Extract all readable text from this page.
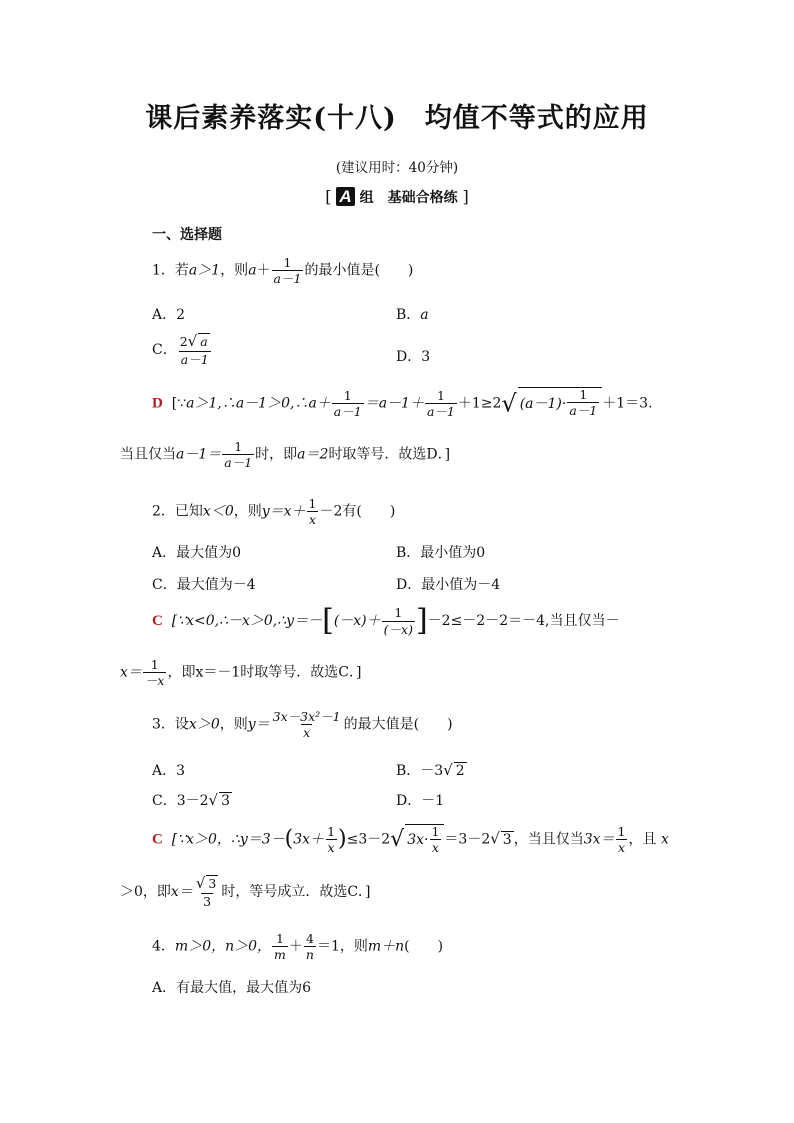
课后素养落实(十八) 均值不等式的应用
(建议用时：40分钟)
[ A 组　基础合格练 ]
一、选择题
1．若a＞1，则$a+ \frac{1}{a-1}$ 的最小值是(　　)
A．2	B．a
C． $\frac{2√ a}{a-1}$	D．3
D [∵a＞1,∴a－1＞0,∴a＋ $\frac{1}{a-1} =a-1+ \frac{1}{a-1} +1\ge 2√$ $(a-1)\cdot \frac{1}{a-1} +1=3$.
当且仅当$a-1= \frac{1}{a-1}$ 时，即a＝2时取等号．故选D．]
2．已知x＜0，则$y=x+ \frac{1}{x} -2$有(　　)
A．最大值为0	B．最小值为0
C．最大值为－4	D．最小值为－4
C [∵x<0,∴－x＞0,∴y＝－[(－x)＋ $\frac{1}{(-x)} ]-2\le-2-2=-4$,当且仅当－
$x= \frac{1}{-x}$ ，即x＝－1时取等号．故选C．]
3．设x＞0，则$y= \frac{\text{3x－3x²－1}}{x}$ 的最大值是(　　)
A．3	B．－3√ 2
C．3－2√ 3	D．－1
C [∵x＞0，∴y＝3－(3x＋ $\frac{1}{x} )\le 3-2√$ $3x\cdot \frac{1}{x} =3-2√$ 3 ，当且仅当$3x= \frac{1}{x}$ ，且 x
＞0，即$x= \frac{√ 3}{3}$ 时，等号成立．故选C．]
4．m＞0，n＞0， $\frac{1}{m} + \frac{4}{n} =1$，则m＋n(　　)
A．有最大值，最大值为6
